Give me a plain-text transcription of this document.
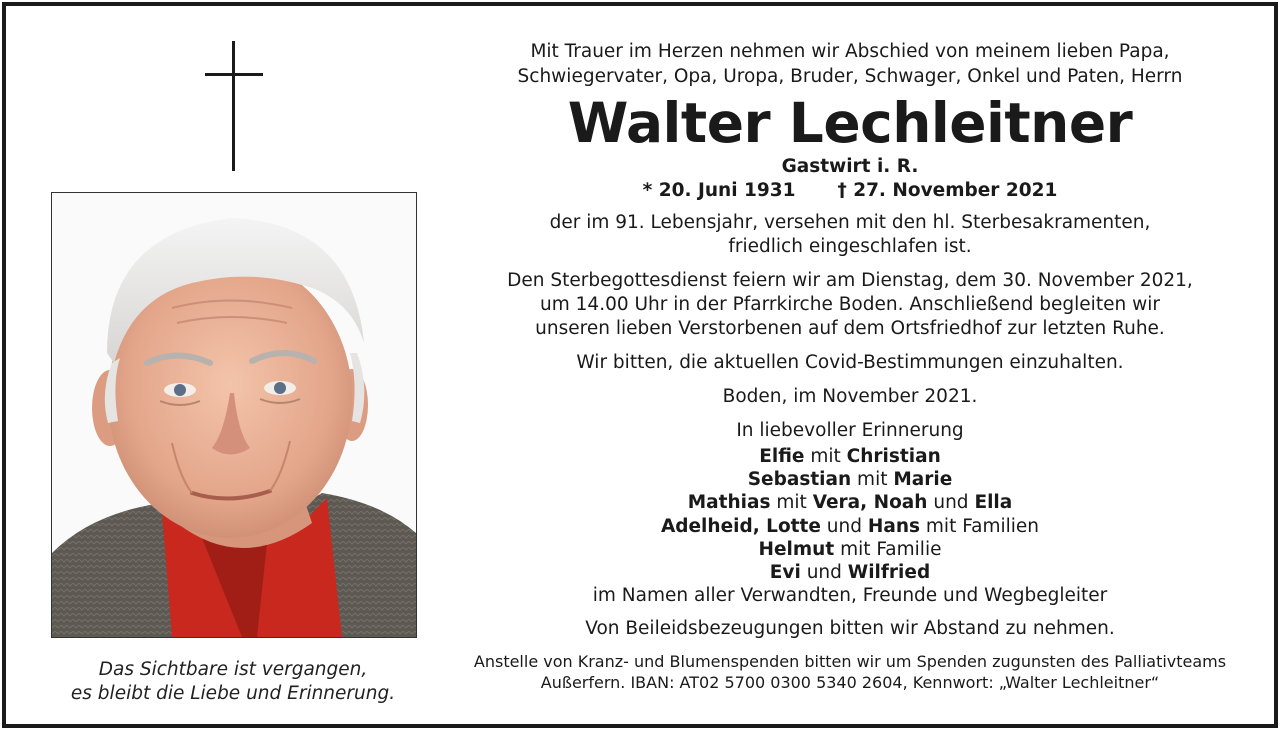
Das Sichtbare ist vergangen,
es bleibt die Liebe und Erinnerung.
Mit Trauer im Herzen nehmen wir Abschied von meinem lieben Papa,
Schwiegervater, Opa, Uropa, Bruder, Schwager, Onkel und Paten, Herrn
Walter Lechleitner
Gastwirt i. R.
* 20. Juni 1931 † 27. November 2021
der im 91. Lebensjahr, versehen mit den hl. Sterbesakramenten,
friedlich eingeschlafen ist.
Den Sterbegottesdienst feiern wir am Dienstag, dem 30. November 2021,
um 14.00 Uhr in der Pfarrkirche Boden. Anschließend begleiten wir
unseren lieben Verstorbenen auf dem Ortsfriedhof zur letzten Ruhe.
Wir bitten, die aktuellen Covid-Bestimmungen einzuhalten.
Boden, im November 2021.
In liebevoller Erinnerung
Elfie mit Christian
Sebastian mit Marie
Mathias mit Vera, Noah und Ella
Adelheid, Lotte und Hans mit Familien
Helmut mit Familie
Evi und Wilfried
im Namen aller Verwandten, Freunde und Wegbegleiter
Von Beileidsbezeugungen bitten wir Abstand zu nehmen.
Anstelle von Kranz- und Blumenspenden bitten wir um Spenden zugunsten des Palliativteams
Außerfern. IBAN: AT02 5700 0300 5340 2604, Kennwort: „Walter Lechleitner“
